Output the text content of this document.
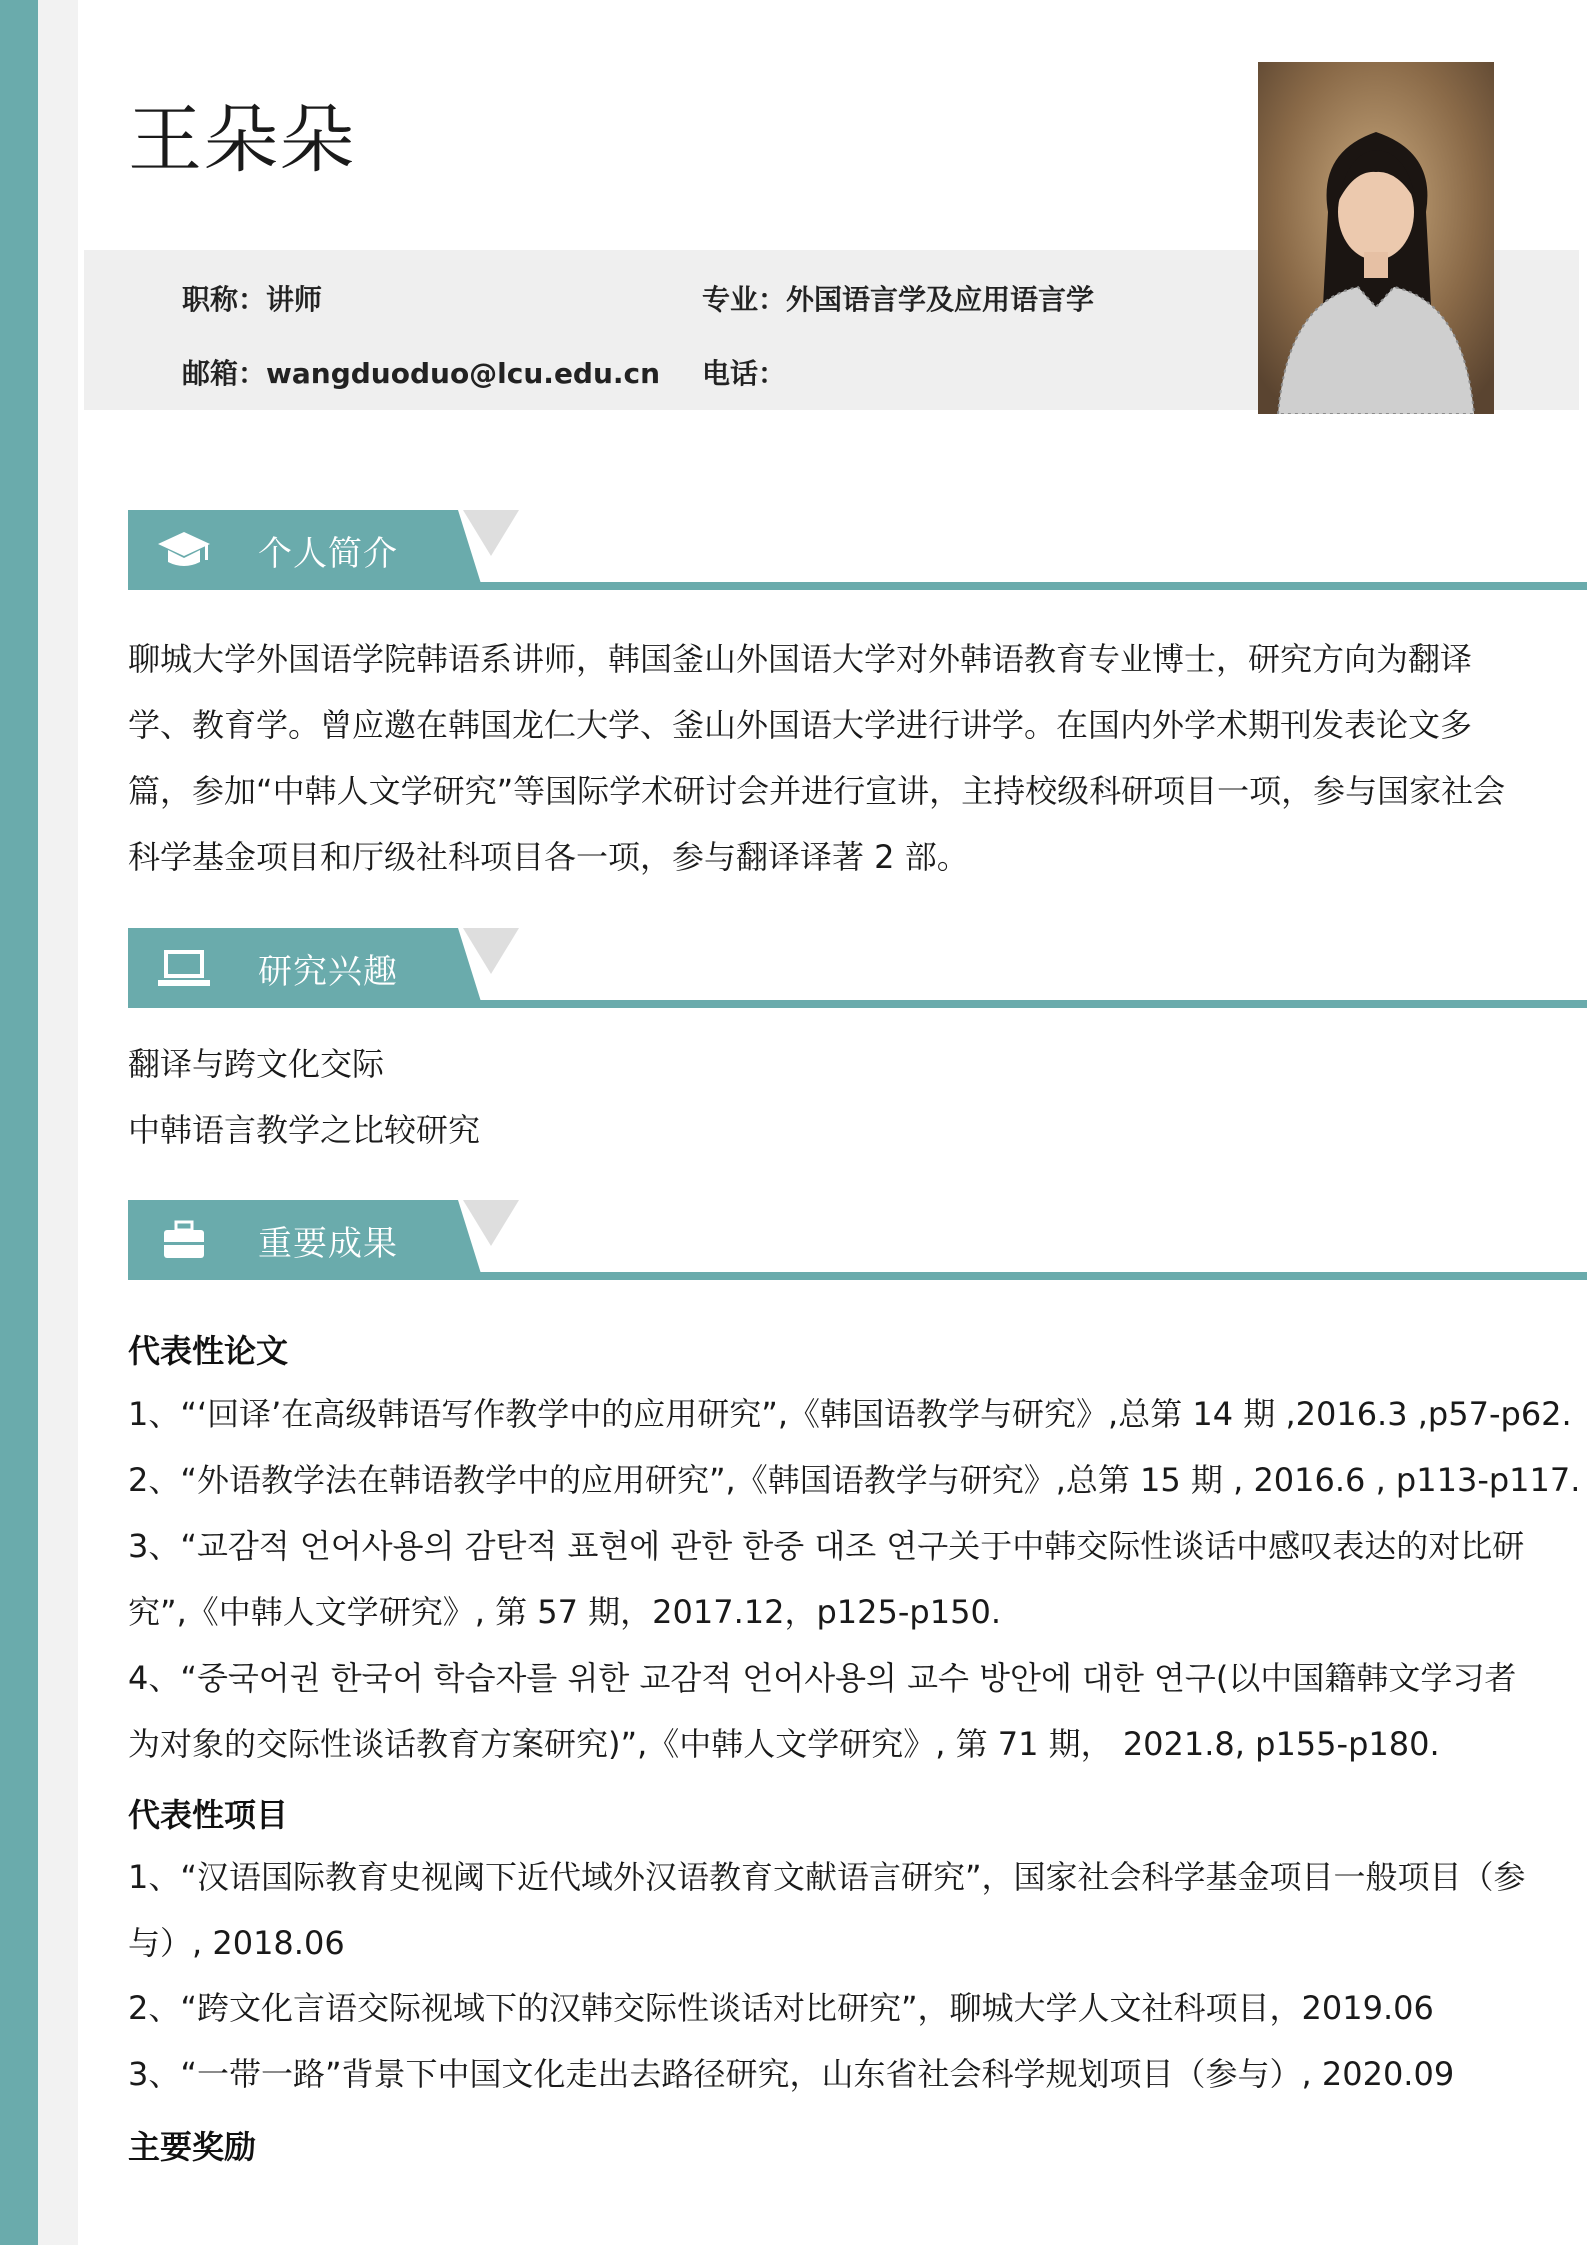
王朵朵
职称：讲师	专业：外国语言学及应用语言学
邮箱：wangduoduo@lcu.edu.cn 电话：
个人简介

聊城大学外国语学院韩语系讲师，韩国釜山外国语大学对外韩语教育专业博士，研究方向为翻译学、教育学。曾应邀在韩国龙仁大学、釜山外国语大学进行讲学。在国内外学术期刊发表论文多篇，参加“中韩人文学研究”等国际学术研讨会并进行宣讲，主持校级科研项目一项，参与国家社会科学基金项目和厅级社科项目各一项，参与翻译译著 2 部。

研究兴趣
翻译与跨文化交际
中韩语言教学之比较研究
重要成果
代表性论文
1、“‘回译’在高级韩语写作教学中的应用研究”,《韩国语教学与研究》,总第 14 期 ,2016.3 ,p57-p62.
2、“外语教学法在韩语教学中的应用研究”,《韩国语教学与研究》,总第 15 期 , 2016.6 , p113-p117.

3、“교감적 언어사용의 감탄적 표현에 관한 한중 대조 연구关于中韩交际性谈话中感叹表达的对比研究”,《中韩人文学研究》, 第 57 期，2017.12，p125-p150.

4、“중국어권 한국어 학습자를 위한 교감적 언어사용의 교수 방안에 대한 연구(以中国籍韩文学习者为对象的交际性谈话教育方案研究)”,《中韩人文学研究》, 第 71 期， 2021.8, p155-p180.

代表性项目

1、“汉语国际教育史视阈下近代域外汉语教育文献语言研究”，国家社会科学基金项目一般项目（参与）, 2018.06

2、“跨文化言语交际视域下的汉韩交际性谈话对比研究”，聊城大学人文社科项目，2019.06
3、“一带一路”背景下中国文化走出去路径研究，山东省社会科学规划项目（参与）, 2020.09
主要奖励
